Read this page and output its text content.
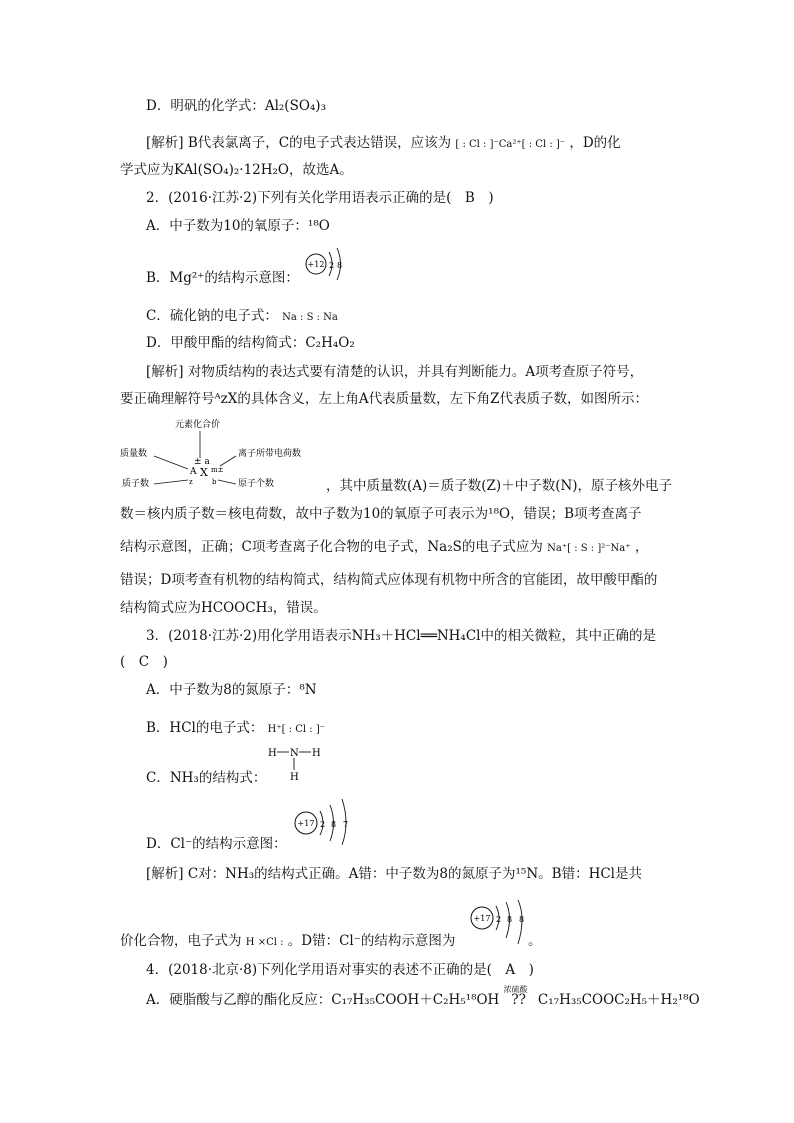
D．明矾的化学式：Al₂(SO₄)₃
[解析] B代表氯离子，C的电子式表达错误，应该为 [ : Cl : ]⁻Ca²⁺[ : Cl : ]⁻ ，D的化
学式应为KAl(SO₄)₂·12H₂O，故选A。
2．(2016·江苏·2)下列有关化学用语表示正确的是(　B　)
A．中子数为10的氧原子：¹⁸O
B．Mg²⁺的结构示意图：
+12 2 8
C．硫化钠的电子式： Na : S : Na
D．甲酸甲酯的结构简式：C₂H₄O₂
[解析] 对物质结构的表达式要有清楚的认识，并具有判断能力。A项考查原子符号，
要正确理解符号ᴬzX的具体含义，左上角A代表质量数，左下角Z代表质子数，如图所示：
元素化合价
质量数
质子数
离子所带电荷数
原子个数
± a
A X m±
z	b	，其中质量数(A)＝质子数(Z)＋中子数(N)，原子核外电子
数＝核内质子数＝核电荷数，故中子数为10的氧原子可表示为¹⁸O，错误；B项考查离子
结构示意图，正确；C项考查离子化合物的电子式，Na₂S的电子式应为 Na⁺[ : S : ]²⁻Na⁺ ，
错误；D项考查有机物的结构简式，结构简式应体现有机物中所含的官能团，故甲酸甲酯的
结构简式应为HCOOCH₃，错误。
3．(2018·江苏·2)用化学用语表示NH₃＋HCl══NH₄Cl中的相关微粒，其中正确的是
(　C　)
A．中子数为8的氮原子：⁸N
B．HCl的电子式： H⁺[ : Cl : ]⁻
C．NH₃的结构式：
H N H
H
D．Cl⁻的结构示意图：
+17 2 8 7
[解析] C对：NH₃的结构式正确。A错：中子数为8的氮原子为¹⁵N。B错：HCl是共
价化合物，电子式为 H ×Cl : 。D错：Cl⁻的结构示意图为
+17 2 8 8
。
4．(2018·北京·8)下列化学用语对事实的表述不正确的是(　A　)
A．硬脂酸与乙醇的酯化反应：C₁₇H₃₅COOH＋C₂H₅¹⁸OH
浓硫酸
?? C₁₇H₃₅COOC₂H₅＋H₂¹⁸O
